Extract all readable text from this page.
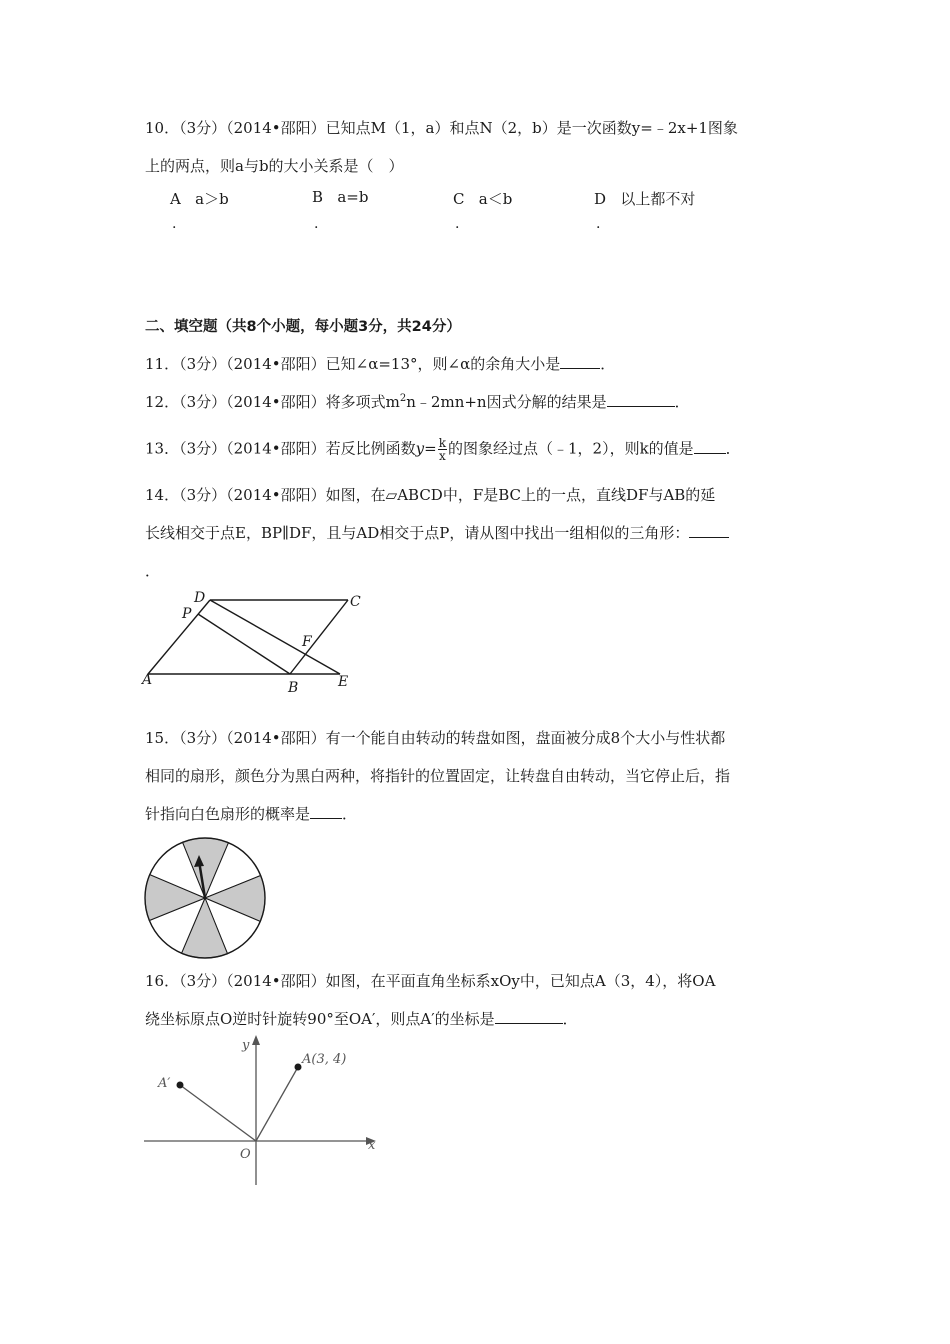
10．（3分）（2014•邵阳）已知点M（1，a）和点N（2，b）是一次函数y=﹣2x+1图象
上的两点，则a与b的大小关系是（　）
A a＞b
.
B a=b
.
C a＜b
.
D 以上都不对
.
二、填空题（共8个小题，每小题3分，共24分）
11．（3分）（2014•邵阳）已知∠α=13°，则∠α的余角大小是	．
12．（3分）（2014•邵阳）将多项式$m^2n﹣2mn+n$因式分解的结果是	．
13．（3分）（2014•邵阳）若反比例函数$y= \frac{k}{x}$ 的图象经过点（﹣1，2），则k的值是 ．
14．（3分）（2014•邵阳）如图，在▱ABCD中，F是BC上的一点，直线DF与AB的延
长线相交于点E，BP∥DF，且与AD相交于点P，请从图中找出一组相似的三角形：
．
D	C
P
F
A	B	E
15．（3分）（2014•邵阳）有一个能自由转动的转盘如图，盘面被分成8个大小与性状都
相同的扇形，颜色分为黑白两种，将指针的位置固定，让转盘自由转动，当它停止后，指
针指向白色扇形的概率是 ．
16．（3分）（2014•邵阳）如图，在平面直角坐标系xOy中，已知点A（3，4），将OA
绕坐标原点O逆时针旋转90°至OA′，则点A′的坐标是	．
y
x
O
A(3, 4)
A′
